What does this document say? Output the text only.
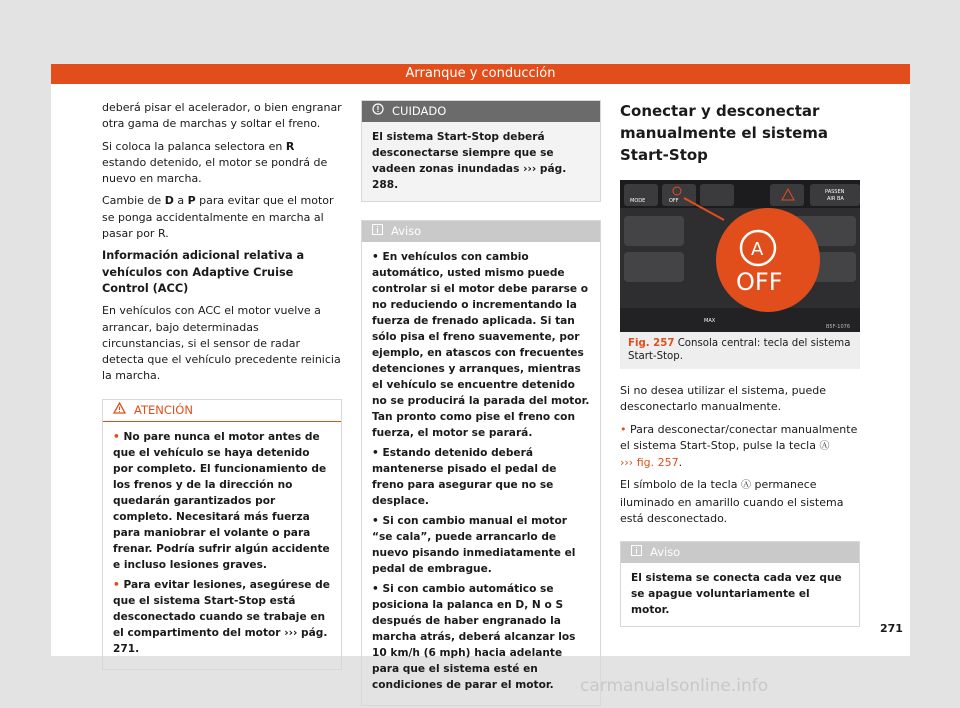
Arranque y conducción

deberá pisar el acelerador, o bien engranar otra gama de marchas y soltar el freno.

Si coloca la palanca selectora en R estando detenido, el motor se pondrá de nuevo en marcha.

Cambie de D a P para evitar que el motor se ponga accidentalmente en marcha al pasar por R.

Información adicional relativa a vehículos con Adaptive Cruise Control (ACC)

En vehículos con ACC el motor vuelve a arrancar, bajo determinadas circunstancias, si el sensor de radar detecta que el vehículo precedente reinicia la marcha.

ATENCIÓN

• No pare nunca el motor antes de que el vehículo se haya detenido por completo. El funcionamiento de los frenos y de la dirección no quedarán garantizados por completo. Necesitará más fuerza para maniobrar el volante o para frenar. Podría sufrir algún accidente e incluso lesiones graves.

• Para evitar lesiones, asegúrese de que el sistema Start-Stop está desconectado cuando se trabaje en el compartimento del motor ››› pág. 271.

CUIDADO
El sistema Start-Stop deberá desconectarse siempre que se vadeen zonas inundadas ››› pág. 288.
Aviso

• En vehículos con cambio automático, usted mismo puede controlar si el motor debe pararse o no reduciendo o incrementando la fuerza de frenado aplicada. Si tan sólo pisa el freno suavemente, por ejemplo, en atascos con frecuentes detenciones y arranques, mientras el vehículo se encuentre detenido no se producirá la parada del motor. Tan pronto como pise el freno con fuerza, el motor se parará.

• Estando detenido deberá mantenerse pisado el pedal de freno para asegurar que no se desplace.

• Si con cambio manual el motor “se cala”, puede arrancarlo de nuevo pisando inmediatamente el pedal de embrague.

• Si con cambio automático se posiciona la palanca en D, N o S después de haber engranado la marcha atrás, deberá alcanzar los 10 km/h (6 mph) hacia adelante para que el sistema esté en condiciones de parar el motor.

Conectar y desconectar manualmente el sistema Start-Stop
MODE	OFF
PASSEN
AIR BA
MAX
A
OFF
B5F-1076
Fig. 257 Consola central: tecla del sistema Start-Stop.

Si no desea utilizar el sistema, puede desconectarlo manualmente.

• Para desconectar/conectar manualmente el sistema Start-Stop, pulse la tecla Ⓐ
››› fig. 257.

El símbolo de la tecla Ⓐ permanece iluminado en amarillo cuando el sistema está desconectado.

Aviso
El sistema se conecta cada vez que se apague voluntariamente el motor.
271
carmanualsonline.info
